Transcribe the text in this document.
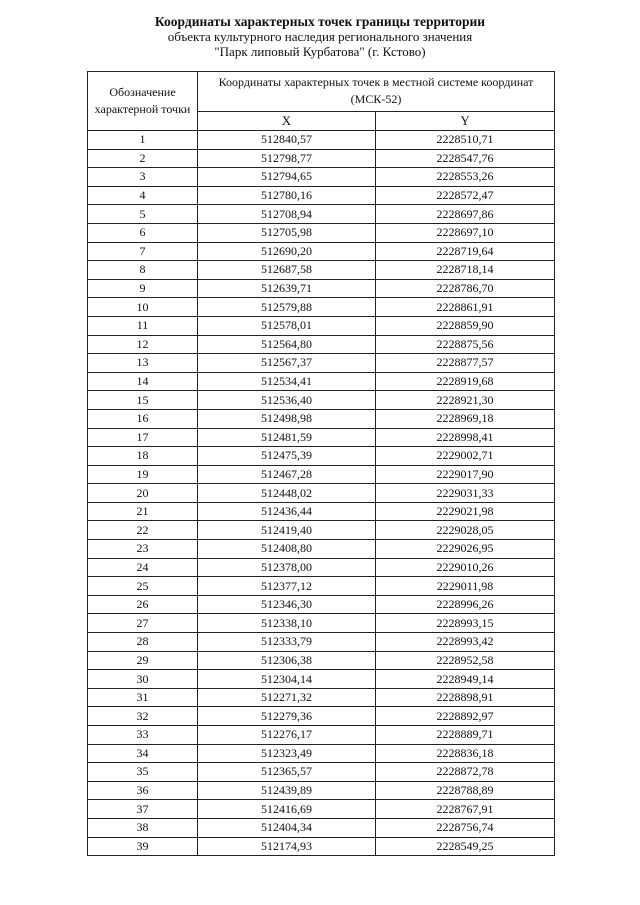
Координаты характерных точек границы территории
объекта культурного наследия регионального значения
"Парк липовый Курбатова" (г. Кстово)
Обозначение характерной точки	Координаты характерных точек в местной системе координат (МСК-52)	
	X	Y
1	512840,57	2228510,71
2	512798,77	2228547,76
3	512794,65	2228553,26
4	512780,16	2228572,47
5	512708,94	2228697,86
6	512705,98	2228697,10
7	512690,20	2228719,64
8	512687,58	2228718,14
9	512639,71	2228786,70
10	512579,88	2228861,91
11	512578,01	2228859,90
12	512564,80	2228875,56
13	512567,37	2228877,57
14	512534,41	2228919,68
15	512536,40	2228921,30
16	512498,98	2228969,18
17	512481,59	2228998,41
18	512475,39	2229002,71
19	512467,28	2229017,90
20	512448,02	2229031,33
21	512436,44	2229021,98
22	512419,40	2229028,05
23	512408,80	2229026,95
24	512378,00	2229010,26
25	512377,12	2229011,98
26	512346,30	2228996,26
27	512338,10	2228993,15
28	512333,79	2228993,42
29	512306,38	2228952,58
30	512304,14	2228949,14
31	512271,32	2228898,91
32	512279,36	2228892,97
33	512276,17	2228889,71
34	512323,49	2228836,18
35	512365,57	2228872,78
36	512439,89	2228788,89
37	512416,69	2228767,91
38	512404,34	2228756,74
39	512174,93	2228549,25
